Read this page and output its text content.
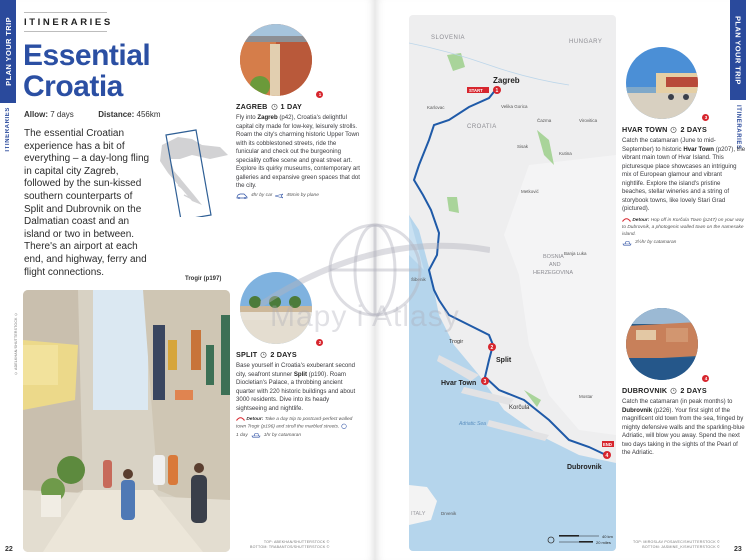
PLAN YOUR TRIP
ITINERARIES
ITINERARIES
Essential
Croatia
Allow: 7 days	Distance: 456km

The essential Croatian experience has a bit of everything – a day-long fling in capital city Zagreb, followed by the sun-kissed southern counterparts of Split and Dubrovnik on the Dalmatian coast and an island or two in between. There's an airport at each end, and highway, ferry and flight connections.

Trogir (p197)
© ADELKHAN/SHUTTERSTOCK ©
22
1
ZAGREB 1 DAY

Fly into Zagreb (p42), Croatia's delightful capital city made for low-key, leisurely strolls. Roam the city's charming historic Upper Town with its cobblestoned streets, ride the funicular and check out the burgeoning speciality coffee scene and great street art. Explore its quirky museums, contemporary art galleries and expansive green spaces that dot the city.

4hr by car	45min by plane
2
SPLIT 2 DAYS

Base yourself in Croatia's exuberant second city, seafront stunner Split (p190). Roam Diocletian's Palace, a throbbing ancient quarter with 220 historic buildings and about 3000 residents. Dive into its heady sightseeing and nightlife.

Detour: Take a day trip to postcard-perfect walled town Trogir (p196) and stroll the marbled streets.
1 day	1hr by catamaran
TOP: ABEKHAN/SHUTTERSTOCK ©
BOTTOM: TRABANTOS/SHUTTERSTOCK ©
PLAN YOUR TRIP
ITINERARIES
SLOVENIA
HUNGARY
CROATIA
BOSNIA
AND
HERZEGOVINA
ITALY
Adriatic Sea
Zagreb
Split
Hvar Town
Dubrovnik
Trogir
Korčula
Banja Luka
Čazma	Virovitica
Karlovac	Velika Gorica
Sisak
Kutina
Metković
Šibenik
Mostar
Drvenik
START	1
2
3
END
4
40 km
20 miles
3
HVAR TOWN 2 DAYS

Catch the catamaran (June to mid-September) to historic Hvar Town (p207), the vibrant main town of Hvar Island. This picturesque place showcases an intriguing mix of European glamour and vibrant nightlife. Explore the island's pristine beaches, stellar wineries and a string of storybook towns, like lovely Stari Grad (pictured).

Detour: Hop off in Korčula Town (p247) on your way to Dubrovnik, a photogenic walled town on the namesake island.
3½hr by catamaran
4
DUBROVNIK 2 DAYS

Catch the catamaran (in peak months) to Dubrovnik (p226). Your first sight of the magnificent old town from the sea, fringed by mighty defensive walls and the sparkling-blue Adriatic, will blow you away. Spend the next two days taking in the sights of the Pearl of the Adriatic.

TOP: MIROSLAV POSAVEC/SHUTTERSTOCK ©
BOTTOM: JASMINE_K/SHUTTERSTOCK © 23
Mapy i Atlasy
